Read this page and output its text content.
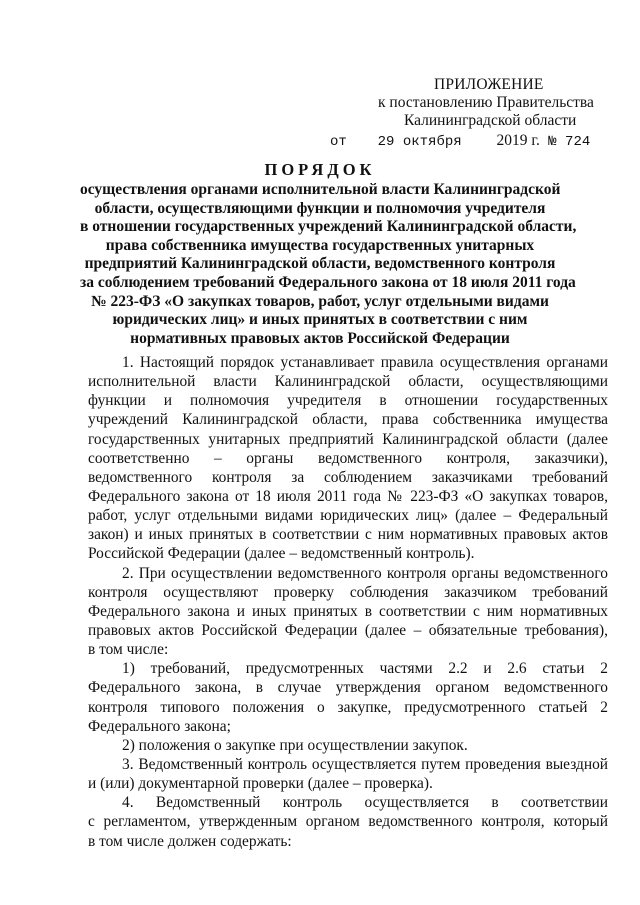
ПРИЛОЖЕНИЕ
к постановлению Правительства
Калининградской области
от 29 октября 2019 г. № 724
ПОРЯДОК
осуществления органами исполнительной власти Калининградской
области, осуществляющими функции и полномочия учредителя
в отношении государственных учреждений Калининградской области,
права собственника имущества государственных унитарных
предприятий Калининградской области, ведомственного контроля
за соблюдением требований Федерального закона от 18 июля 2011 года
№ 223-ФЗ «О закупках товаров, работ, услуг отдельными видами
юридических лиц» и иных принятых в соответствии с ним
нормативных правовых актов Российской Федерации
1. Настоящий порядок устанавливает правила осуществления органами
исполнительной власти Калининградской области, осуществляющими
функции и полномочия учредителя в отношении государственных
учреждений Калининградской области, права собственника имущества
государственных унитарных предприятий Калининградской области (далее
соответственно – органы ведомственного контроля, заказчики),
ведомственного контроля за соблюдением заказчиками требований
Федерального закона от 18 июля 2011 года № 223-ФЗ «О закупках товаров,
работ, услуг отдельными видами юридических лиц» (далее – Федеральный
закон) и иных принятых в соответствии с ним нормативных правовых актов
Российской Федерации (далее – ведомственный контроль).
2. При осуществлении ведомственного контроля органы ведомственного
контроля осуществляют проверку соблюдения заказчиком требований
Федерального закона и иных принятых в соответствии с ним нормативных
правовых актов Российской Федерации (далее – обязательные требования),
в том числе:
1) требований, предусмотренных частями 2.2 и 2.6 статьи 2
Федерального закона, в случае утверждения органом ведомственного
контроля типового положения о закупке, предусмотренного статьей 2
Федерального закона;
2) положения о закупке при осуществлении закупок.
3. Ведомственный контроль осуществляется путем проведения выездной
и (или) документарной проверки (далее – проверка).
4. Ведомственный контроль осуществляется в соответствии
с регламентом, утвержденным органом ведомственного контроля, который
в том числе должен содержать:
